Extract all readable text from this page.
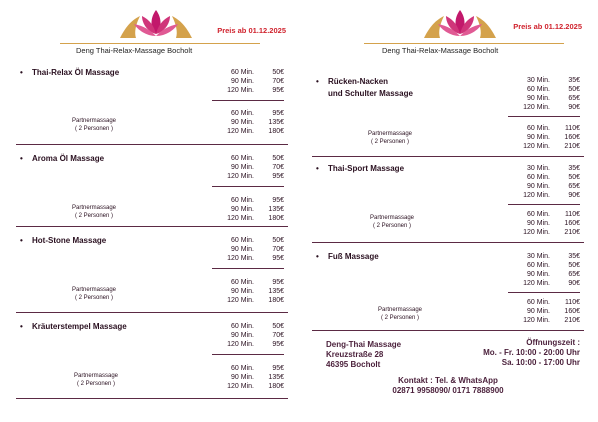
Preis ab 01.12.2025
Deng Thai-Relax-Massage Bocholt
• Thai-Relax Öl Massage	60 Min.	50€
90 Min.	70€
120 Min.	95€
Partnermassage
( 2 Personen )
60 Min.	95€
90 Min. 135€
120 Min. 180€
• Aroma Öl Massage	60 Min.	50€
90 Min.	70€
120 Min.	95€
Partnermassage
( 2 Personen )
60 Min.	95€
90 Min. 135€
120 Min. 180€
• Hot-Stone Massage	60 Min.	50€
90 Min.	70€
120 Min.	95€
Partnermassage
( 2 Personen )
60 Min.	95€
90 Min. 135€
120 Min. 180€
• Kräuterstempel Massage	60 Min.	50€
90 Min.	70€
120 Min.	95€
Partnermassage
( 2 Personen )
60 Min.	95€
90 Min. 135€
120 Min. 180€
Preis ab 01.12.2025
Deng Thai-Relax-Massage Bocholt
• Rücken-Nacken
und Schulter Massage
30 Min.	35€
60 Min.	50€
90 Min.	65€
120 Min.	90€
Partnermassage
( 2 Personen )
60 Min. 110€
90 Min. 160€
120 Min. 210€
• Thai-Sport Massage	30 Min.	35€
60 Min.	50€
90 Min.	65€
120 Min.	90€
Partnermassage
( 2 Personen )
60 Min. 110€
90 Min. 160€
120 Min. 210€
• Fuß Massage	30 Min.	35€
60 Min.	50€
90 Min.	65€
120 Min.	90€
Partnermassage
( 2 Personen )
60 Min. 110€
90 Min. 160€
120 Min. 210€
Deng-Thai Massage
Kreuzstraße 28
46395 Bocholt
Öffnungszeit :
Mo. - Fr. 10:00 - 20:00 Uhr
Sa. 10:00 - 17:00 Uhr
Kontakt : Tel. & WhatsApp
02871 9958090/ 0171 7888900
